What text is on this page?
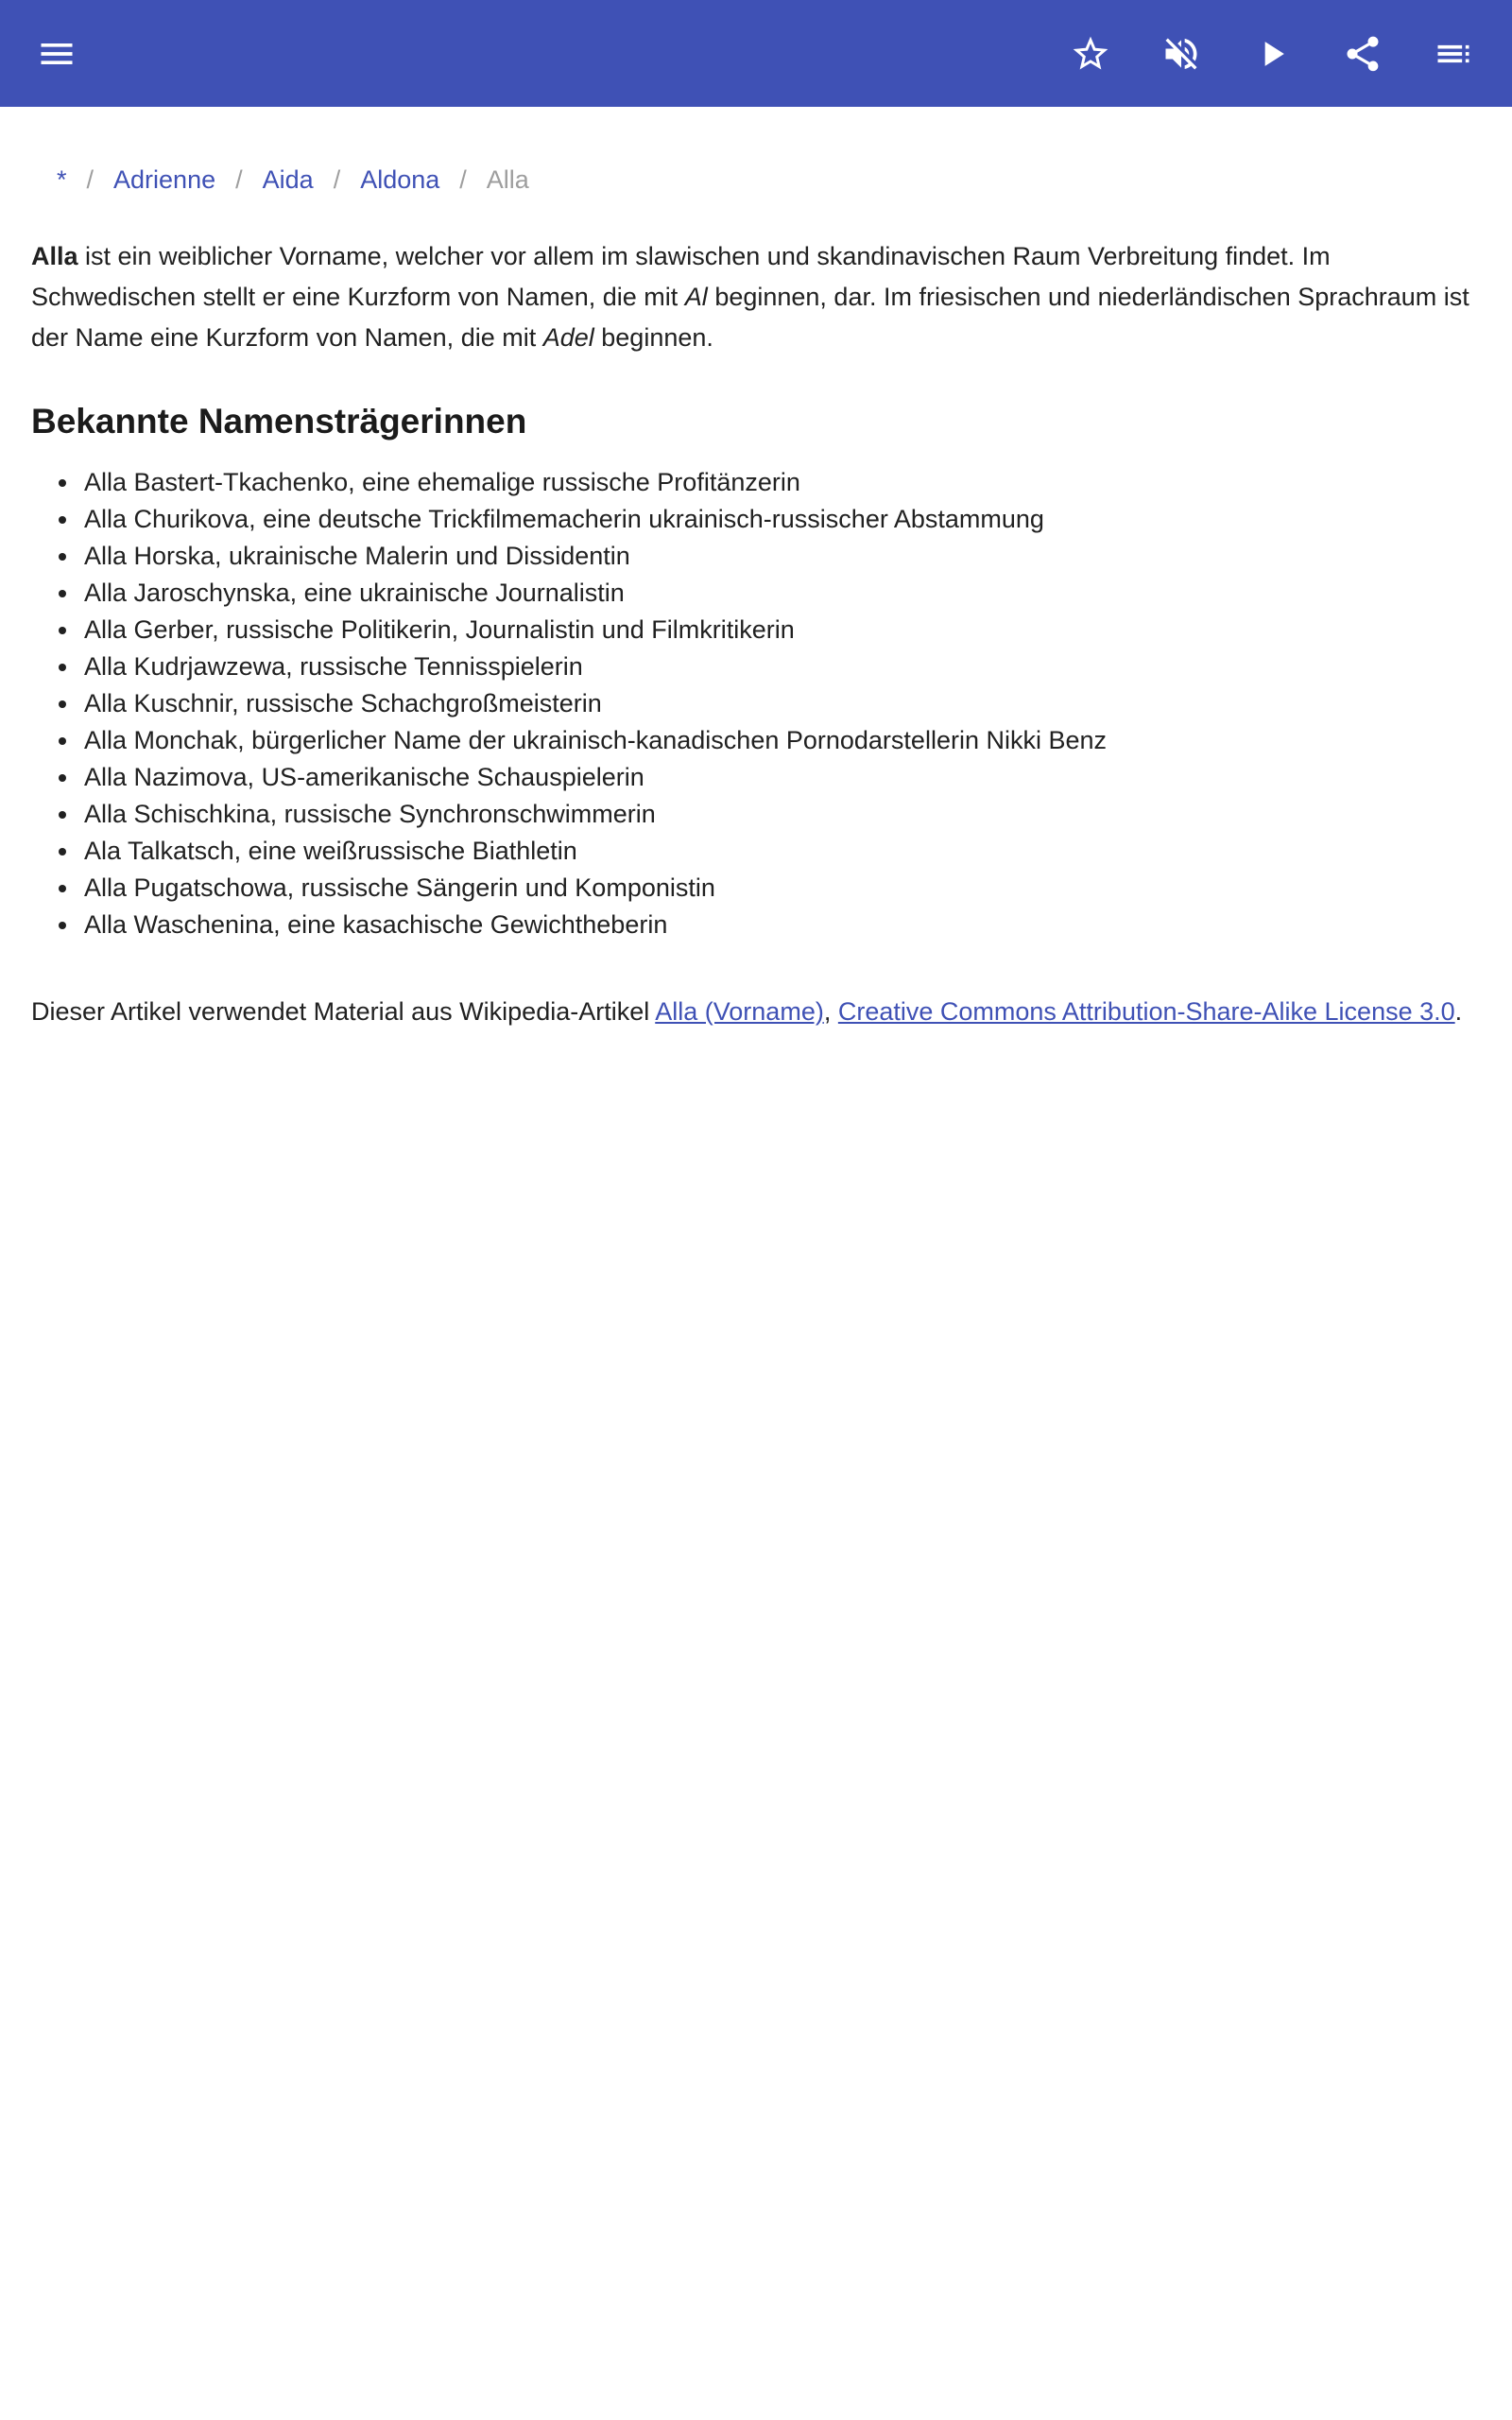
* / Adrienne / Aida / Aldona / Alla

Alla ist ein weiblicher Vorname, welcher vor allem im slawischen und skandinavischen Raum Verbreitung findet. Im Schwedischen stellt er eine Kurzform von Namen, die mit Al beginnen, dar. Im friesischen und niederländischen Sprachraum ist der Name eine Kurzform von Namen, die mit Adel beginnen.

Bekannte Namensträgerinnen
• Alla Bastert-Tkachenko, eine ehemalige russische Profitänzerin
• Alla Churikova, eine deutsche Trickfilmemacherin ukrainisch-russischer Abstammung
• Alla Horska, ukrainische Malerin und Dissidentin
• Alla Jaroschynska, eine ukrainische Journalistin
• Alla Gerber, russische Politikerin, Journalistin und Filmkritikerin
• Alla Kudrjawzewa, russische Tennisspielerin
• Alla Kuschnir, russische Schachgroßmeisterin
• Alla Monchak, bürgerlicher Name der ukrainisch-kanadischen Pornodarstellerin Nikki Benz
• Alla Nazimova, US-amerikanische Schauspielerin
• Alla Schischkina, russische Synchronschwimmerin
• Ala Talkatsch, eine weißrussische Biathletin
• Alla Pugatschowa, russische Sängerin und Komponistin
• Alla Waschenina, eine kasachische Gewichtheberin

Dieser Artikel verwendet Material aus Wikipedia-Artikel Alla (Vorname), Creative Commons Attribution-Share-Alike License 3.0.
